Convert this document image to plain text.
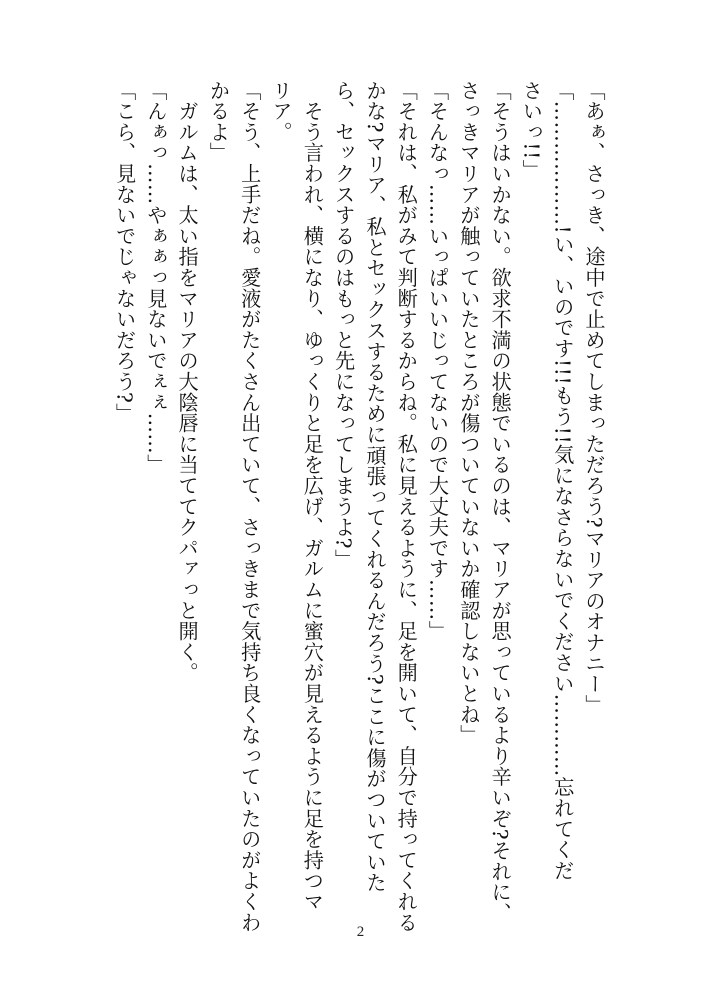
「あぁ、さっき、途中で止めてしまっただろう?マリアのオナニー」
「………………!い、いのです!!!もう!!気になさらないでください…………忘れてくだ
さいっ!!」
「そうはいかない。欲求不満の状態でいるのは、マリアが思っているより辛いぞ?それに、
さっきマリアが触っていたところが傷ついていないか確認しないとね」
「そんなっ……いっぱいいじってないので大丈夫です……」
「それは、私がみて判断するからね。私に見えるように、足を開いて、自分で持ってくれる
かな?マリア、私とセックスするために頑張ってくれるんだろう?ここに傷がついていた
ら、セックスするのはもっと先になってしまうよ?」
　そう言われ、横になり、ゆっくりと足を広げ、ガルムに蜜穴が見えるように足を持つマ
リア。
「そう、上手だね。愛液がたくさん出ていて、さっきまで気持ち良くなっていたのがよくわ
かるよ」
　ガルムは、太い指をマリアの大陰唇に当ててクパァっと開く。
「んぁっ……やぁぁっ見ないでぇぇ……」
「こら、見ないでじゃないだろう?」
2
